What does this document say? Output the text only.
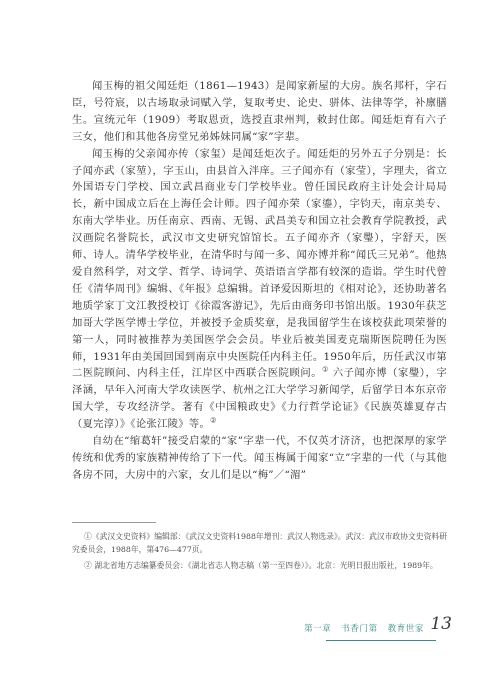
闻玉梅的祖父闻廷炬（1861—1943）是闻家新屋的大房。族名邦杆，字石臣，号符宸，以古场取录词赋入学，复取考史、论史、骈体、法律等学，补廪膳生。宣统元年（1909）考取恩贡，选授直隶州判，敕封仕郎。闻廷炬育有六子三女，他们和其他各房堂兄弟姊妹同属“家”字辈。

闻玉梅的父亲闻亦传（家玺）是闻廷炬次子。闻廷炬的另外五子分别是：长子闻亦武（家堃），字玉山，由县首入泮庠。三子闻亦有（家莹），字理夫，省立外国语专门学校、国立武昌商业专门学校毕业。曾任国民政府主计处会计局局长，新中国成立后在上海任会计师。四子闻亦荣（家鎏），字钧天，南京美专、东南大学毕业。历任南京、西南、无锡、武昌美专和国立社会教育学院教授，武汉画院名誉院长，武汉市文史研究馆馆长。五子闻亦齐（家璺），字舒天，医师、诗人。清华学校毕业，在清华时与闻一多、闻亦博并称“闻氏三兄弟”。他热爱自然科学，对文学、哲学、诗词学、英语语言学都有较深的造诣。学生时代曾任《清华周刊》编辑、《年报》总编辑。首译爱因斯坦的《相对论》，还协助著名地质学家丁文江教授校订《徐霞客游记》，先后由商务印书馆出版。1930年获芝加哥大学医学博士学位，并被授予金质奖章，是我国留学生在该校获此项荣誉的第一人，同时被推荐为美国医学会会员。毕业后被美国麦克瑞斯医院聘任为医师，1931年由美国回国到南京中央医院任内科主任。1950年后，历任武汉市第二医院顾问、内科主任，江岸区中西联合医院顾问。① 六子闻亦博（家璺），字泽涵，早年入河南大学攻读医学、杭州之江大学学习新闻学，后留学日本东京帝国大学，专攻经济学。著有《中国粮政史》《力行哲学论证》《民族英雄夏存古（夏完淳）》《论张江陵》等。②

自幼在“缩葛轩”接受启蒙的“家”字辈一代，不仅英才济济，也把深厚的家学传统和优秀的家族精神传给了下一代。闻玉梅属于闻家“立”字辈的一代（与其他各房不同，大房中的六家，女儿们是以“梅”／“湄”

①《武汉文史资料》编辑部：《武汉文史资料1988年增刊：武汉人物选录》。武汉：武汉市政协文史资料研究委员会，1988年，第476—477页。

② 湖北省地方志编纂委员会：《湖北省志人物志稿（第一至四卷）》。北京：光明日报出版社，1989年。

第一章   书香门第   教育世家 13
